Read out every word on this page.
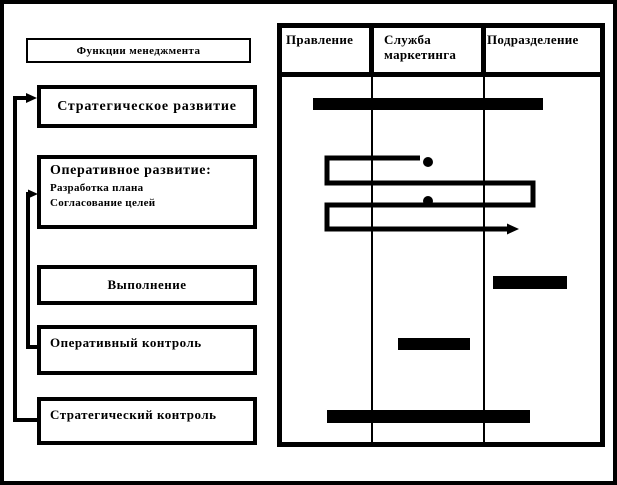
Функции менеджмента
Стратегическое развитие
Оперативное развитие:
Разработка плана
Согласование целей
Выполнение
Оперативный контроль
Стратегический контроль
Правление	Служба маркетинга
Подразделение
